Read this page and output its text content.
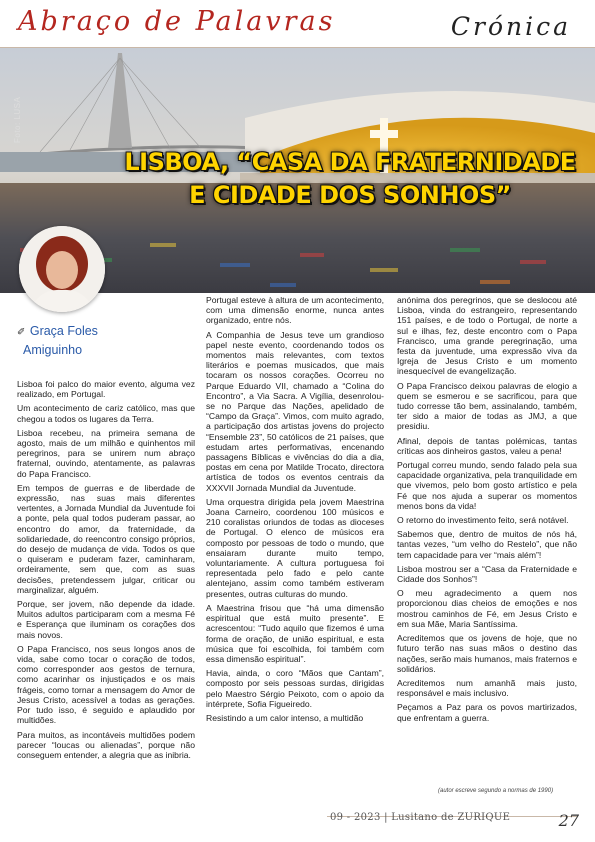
Abraço de Palavras	Crónica
Foto: LUSA
LISBOA, “CASA DA FRATERNIDADE
E CIDADE DOS SONHOS”
✐ Graça Foles
Amiguinho

Lisboa foi palco do maior evento, alguma vez realizado, em Portugal.

Um acontecimento de cariz católico, mas que chegou a todos os lugares da Terra.

Lisboa recebeu, na primeira semana de agosto, mais de um milhão e quinhentos mil peregrinos, para se unirem num abraço fraternal, ouvindo, atentamente, as palavras do Papa Francisco.

Em tempos de guerras e de liberdade de expressão, nas suas mais diferentes vertentes, a Jornada Mundial da Juventude foi a ponte, pela qual todos puderam passar, ao encontro do amor, da fraternidade, da solidariedade, do reencontro consigo próprios, do desejo de mudança de vida. Todos os que o quiseram e puderam fazer, caminharam, ordeiramente, sem que, com as suas decisões, pretendessem julgar, criticar ou marginalizar, alguém.

Porque, ser jovem, não depende da idade. Muitos adultos participaram com a mesma Fé e Esperança que iluminam os corações dos mais novos.

O Papa Francisco, nos seus longos anos de vida, sabe como tocar o coração de todos, como corresponder aos gestos de ternura, como acarinhar os injustiçados e os mais frágeis, como tornar a mensagem do Amor de Jesus Cristo, acessível a todas as gerações. Por tudo isso, é seguido e aplaudido por multidões.

Para muitos, as incontáveis multidões podem parecer “loucas ou alienadas”, porque não conseguem entender, a alegria que as inibria.

Portugal esteve à altura de um acontecimento, com uma dimensão enorme, nunca antes organizado, entre nós.

A Companhia de Jesus teve um grandioso papel neste evento, coordenando todos os momentos mais relevantes, com textos literários e poemas musicados, que mais tocaram os nossos corações. Ocorreu no Parque Eduardo VII, chamado a “Colina do Encontro”, a Via Sacra. A Vigília, desenrolou-se no Parque das Nações, apelidado de “Campo da Graça”. Vimos, com muito agrado, a participação dos artistas jovens do projecto “Ensemble 23”, 50 católicos de 21 países, que estudam artes performativas, encenando passagens Bíblicas e vivências do dia a dia, postas em cena por Matilde Trocato, directora artística de todos os eventos centrais da XXXVII Jornada Mundial da Juventude.

Uma orquestra dirigida pela jovem Maestrina Joana Carneiro, coordenou 100 músicos e 210 coralistas oriundos de todas as dioceses de Portugal. O elenco de músicos era composto por pessoas de todo o mundo, que ensaiaram durante muito tempo, voluntariamente. A cultura portuguesa foi representada pelo fado e pelo cante alentejano, assim como também estiveram presentes, outras culturas do mundo.

A Maestrina frisou que “há uma dimensão espiritual que está muito presente”. E acrescentou: “Tudo aquilo que fizemos é uma forma de oração, de união espiritual, e esta música que foi escolhida, foi também com essa dimensão espiritual”.

Havia, ainda, o coro “Mãos que Cantam”, composto por seis pessoas surdas, dirigidas pelo Maestro Sérgio Peixoto, com o apoio da intérprete, Sofia Figueiredo.

Resistindo a um calor intenso, a multidão

anónima dos peregrinos, que se deslocou até Lisboa, vinda do estrangeiro, representando 151 países, e de todo o Portugal, de norte a sul e ilhas, fez, deste encontro com o Papa Francisco, uma grande peregrinação, uma festa da juventude, uma expressão viva da Igreja de Jesus Cristo e um momento inesquecível de evangelização.

O Papa Francisco deixou palavras de elogio a quem se esmerou e se sacrificou, para que tudo corresse tão bem, assinalando, também, ter sido a maior de todas as JMJ, a que presidiu.

Afinal, depois de tantas polémicas, tantas críticas aos dinheiros gastos, valeu a pena!

Portugal correu mundo, sendo falado pela sua capacidade organizativa, pela tranquilidade em que vivemos, pelo bom gosto artístico e pela Fé que nos ajuda a superar os momentos menos bons da vida!

O retorno do investimento feito, será notável.

Sabemos que, dentro de muitos de nós há, tantas vezes, “um velho do Restelo”, que não tem capacidade para ver “mais além”!

Lisboa mostrou ser a “Casa da Fraternidade e Cidade dos Sonhos”!

O meu agradecimento a quem nos proporcionou dias cheios de emoções e nos mostrou caminhos de Fé, em Jesus Cristo e em sua Mãe, Maria Santíssima.

Acreditemos que os jovens de hoje, que no futuro terão nas suas mãos o destino das nações, serão mais humanos, mais fraternos e solidários.

Acreditemos num amanhã mais justo, responsável e mais inclusivo.

Peçamos a Paz para os povos martirizados, que enfrentam a guerra.

(autor escreve segundo a normas de 1990)
09 - 2023 | Lusitano de ZURIQUE	27
